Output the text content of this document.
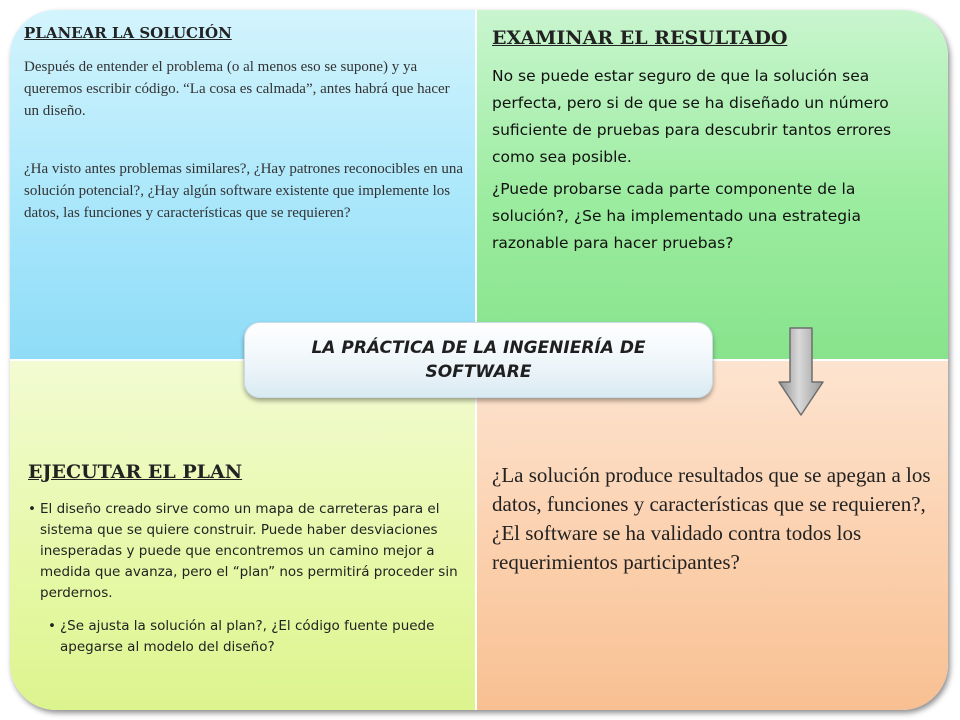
PLANEAR LA SOLUCIÓN

Después de entender el problema (o al menos eso se supone) y ya queremos escribir código. “La cosa es calmada”, antes habrá que hacer un diseño.

¿Ha visto antes problemas similares?, ¿Hay patrones reconocibles en una solución potencial?, ¿Hay algún software existente que implemente los datos, las funciones y características que se requieren?

EXAMINAR EL RESULTADO

No se puede estar seguro de que la solución sea perfecta, pero si de que se ha diseñado un número suficiente de pruebas para descubrir tantos errores como sea posible.

¿Puede probarse cada parte componente de la solución?, ¿Se ha implementado una estrategia razonable para hacer pruebas?

EJECUTAR EL PLAN

• El diseño creado sirve como un mapa de carreteras para el sistema que se quiere construir. Puede haber desviaciones inesperadas y puede que encontremos un camino mejor a medida que avanza, pero el “plan” nos permitirá proceder sin perdernos.

• ¿Se ajusta la solución al plan?, ¿El código fuente puede apegarse al modelo del diseño?

¿La solución produce resultados que se apegan a los datos, funciones y características que se requieren?, ¿El software se ha validado contra todos los requerimientos participantes?

LA PRÁCTICA DE LA INGENIERÍA DE SOFTWARE
